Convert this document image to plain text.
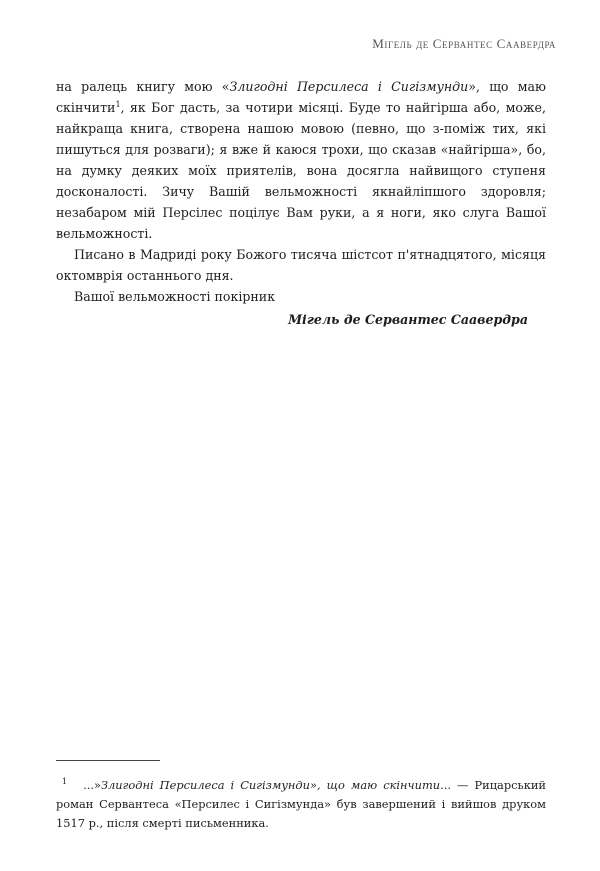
Мігель де Сервантес Саавердра

на ралець книгу мою «Злигодні Персилеса і Сигізмунди», що маю скінчити$^1$, як Бог дасть, за чотири місяці. Буде то найгірша або, може, найкраща книга, створена нашою мовою (певно, що з-поміж тих, які пишуться для розваги); я вже й каюся трохи, що сказав «найгірша», бо, на думку деяких моїх приятелів, вона досягла найвищого ступеня досконалості. Зичу Вашій вельможності якнайліпшого здоровля; незабаром мій Персілес поцілує Вам руки, а я ноги, яко слуга Вашої вельможності.

Писано в Мадриді року Божого тисяча шістсот п'ятнадцятого, місяця октомврія останнього дня.

Вашої вельможності покірник

Мігель де Сервантес Саавердра

$^1$ ...»Злигодні Персилеса і Сигізмунди», що маю скінчити... — Рицарський роман Сервантеса «Персилес і Сигізмунда» був завершений і вийшов друком 1517 р., після смерті письменника.
